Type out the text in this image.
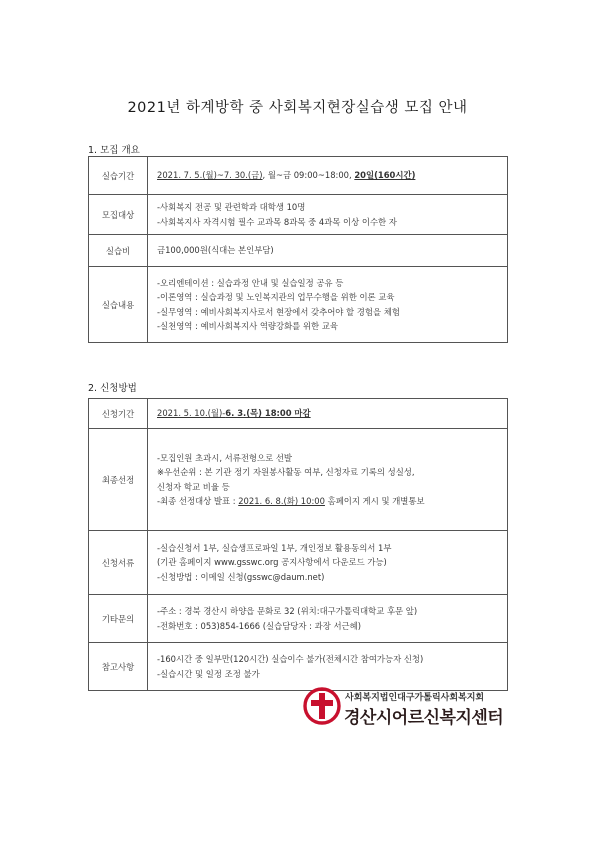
2021년 하계방학 중 사회복지현장실습생 모집 안내
1. 모집 개요
실습기간	2021. 7. 5.(월)~7. 30.(금), 월~금 09:00~18:00, 20일(160시간)

모집대상	-사회복지 전공 및 관련학과 대학생 10명
-사회복지사 자격시험 필수 교과목 8과목 중 4과목 이상 이수한 자

실습비	금100,000원(식대는 본인부담)

실습내용	-오리엔테이션 : 실습과정 안내 및 실습일정 공유 등
-이론영역 : 실습과정 및 노인복지관의 업무수행을 위한 이론 교육
-실무영역 : 예비사회복지사로서 현장에서 갖추어야 할 경험을 체험
-실천영역 : 예비사회복지사 역량강화를 위한 교육
2. 신청방법
신청기간	2021. 5. 10.(월)-6. 3.(목) 18:00 마감

최종선정	-모집인원 초과시, 서류전형으로 선발
※우선순위 : 본 기관 정기 자원봉사활동 여부, 신청자료 기록의 성실성,
신청자 학교 비율 등
-최종 선정대상 발표 : 2021. 6. 8.(화) 10:00 홈페이지 게시 및 개별통보

신청서류	-실습신청서 1부, 실습생프로파일 1부, 개인정보 활용동의서 1부
(기관 홈페이지 www.gsswc.org 공지사항에서 다운로드 가능)
-신청방법 : 이메일 신청(gsswc@daum.net)

기타문의	-주소 : 경북 경산시 하양읍 문화로 32 (위치:대구가톨릭대학교 후문 앞)
-전화번호 : 053)854-1666 (실습담당자 : 과장 서근혜)

참고사항	-160시간 중 일부만(120시간) 실습이수 불가(전체시간 참여가능자 신청)
-실습시간 및 일정 조정 불가
사회복지법인대구가톨릭사회복지회
경산시어르신복지센터
